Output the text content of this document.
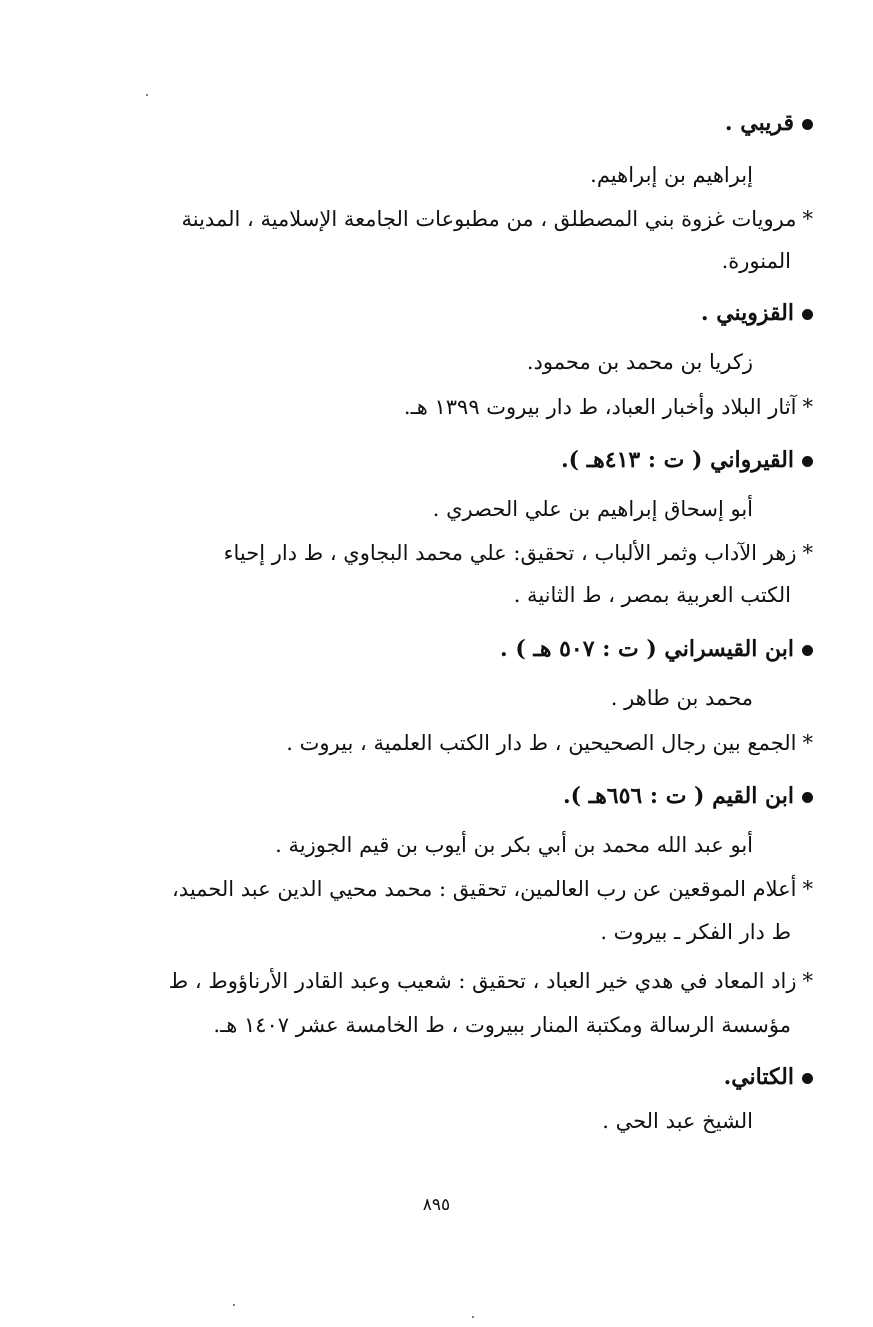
قريبي .
إبراهيم بن إبراهيم.
*مرويات غزوة بني المصطلق ، من مطبوعات الجامعة الإسلامية ، المدينة
المنورة.
القزويني .
زكريا بن محمد بن محمود.
*آثار البلاد وأخبار العباد، ط دار بيروت ١٣٩٩ هـ.
القيرواني ( ت : ٤١٣هـ ).
أبو إسحاق إبراهيم بن علي الحصري .
*زهر الآداب وثمر الألباب ، تحقيق: علي محمد البجاوي ، ط دار إحياء
الكتب العربية بمصر ، ط الثانية .
ابن القيسراني ( ت : ٥٠٧ هـ ) .
محمد بن طاهر .
*الجمع بين رجال الصحيحين ، ط دار الكتب العلمية ، بيروت .
ابن القيم ( ت : ٦٥٦هـ ).
أبو عبد الله محمد بن أبي بكر بن أيوب بن قيم الجوزية .
*أعلام الموقعين عن رب العالمين، تحقيق : محمد محيي الدين عبد الحميد،
ط دار الفكر ـ بيروت .
*زاد المعاد في هدي خير العباد ، تحقيق : شعيب وعبد القادر الأرناؤوط ، ط
مؤسسة الرسالة ومكتبة المنار ببيروت ، ط الخامسة عشر ١٤٠٧ هـ.
الكتاني.
الشيخ عبد الحي .
٨٩٥
